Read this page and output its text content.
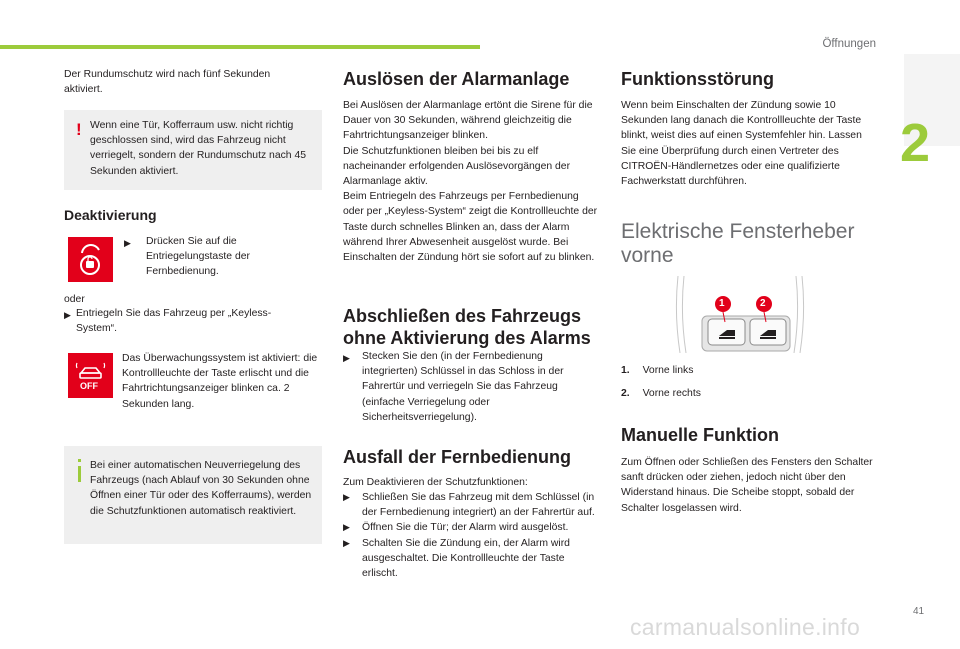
Öffnungen
2

Der Rundumschutz wird nach fünf Sekunden aktiviert.

! Wenn eine Tür, Kofferraum usw. nicht richtig geschlossen sind, wird das Fahrzeug nicht verriegelt, sondern der Rundumschutz nach 45 Sekunden aktiviert.

Deaktivierung
▶ Drücken Sie auf die Entriegelungstaste der Fernbedienung.

oder

▶ Entriegeln Sie das Fahrzeug per „Keyless-System“.

OFF

Das Überwachungssystem ist aktiviert: die Kontrollleuchte der Taste erlischt und die Fahrtrichtungsanzeiger blinken ca. 2 Sekunden lang.

Bei einer automatischen Neuverriegelung des Fahrzeugs (nach Ablauf von 30 Sekunden ohne Öffnen einer Tür oder des Kofferraums), werden die Schutzfunktionen automatisch reaktiviert.

Auslösen der Alarmanlage

Bei Auslösen der Alarmanlage ertönt die Sirene für die Dauer von 30 Sekunden, während gleichzeitig die Fahrtrichtungsanzeiger blinken.
Die Schutzfunktionen bleiben bei bis zu elf nacheinander erfolgenden Auslösevorgängen der Alarmanlage aktiv.
Beim Entriegeln des Fahrzeugs per Fernbedienung oder per „Keyless-System“ zeigt die Kontrollleuchte der Taste durch schnelles Blinken an, dass der Alarm während Ihrer Abwesenheit ausgelöst wurde. Bei Einschalten der Zündung hört sie sofort auf zu blinken.

Abschließen des Fahrzeugs ohne Aktivierung des Alarms
▶ Stecken Sie den (in der Fernbedienung integrierten) Schlüssel in das Schloss in der Fahrertür und verriegeln Sie das Fahrzeug (einfache Verriegelung oder Sicherheitsverriegelung).

Ausfall der Fernbedienung

Zum Deaktivieren der Schutzfunktionen:

▶ Schließen Sie das Fahrzeug mit dem Schlüssel (in der Fernbedienung integriert) an der Fahrertür auf.
▶ Öffnen Sie die Tür; der Alarm wird ausgelöst.
▶ Schalten Sie die Zündung ein, der Alarm wird ausgeschaltet. Die Kontrollleuchte der Taste erlischt.
Funktionsstörung

Wenn beim Einschalten der Zündung sowie 10 Sekunden lang danach die Kontrollleuchte der Taste blinkt, weist dies auf einen Systemfehler hin. Lassen Sie eine Überprüfung durch einen Vertreter des CITROËN-Händlernetzes oder eine qualifizierte Fachwerkstatt durchführen.

Elektrische Fensterheber vorne
1	2
1. Vorne links
2. Vorne rechts
Manuelle Funktion

Zum Öffnen oder Schließen des Fensters den Schalter sanft drücken oder ziehen, jedoch nicht über den Widerstand hinaus. Die Scheibe stoppt, sobald der Schalter losgelassen wird.

41
carmanualsonline.info
